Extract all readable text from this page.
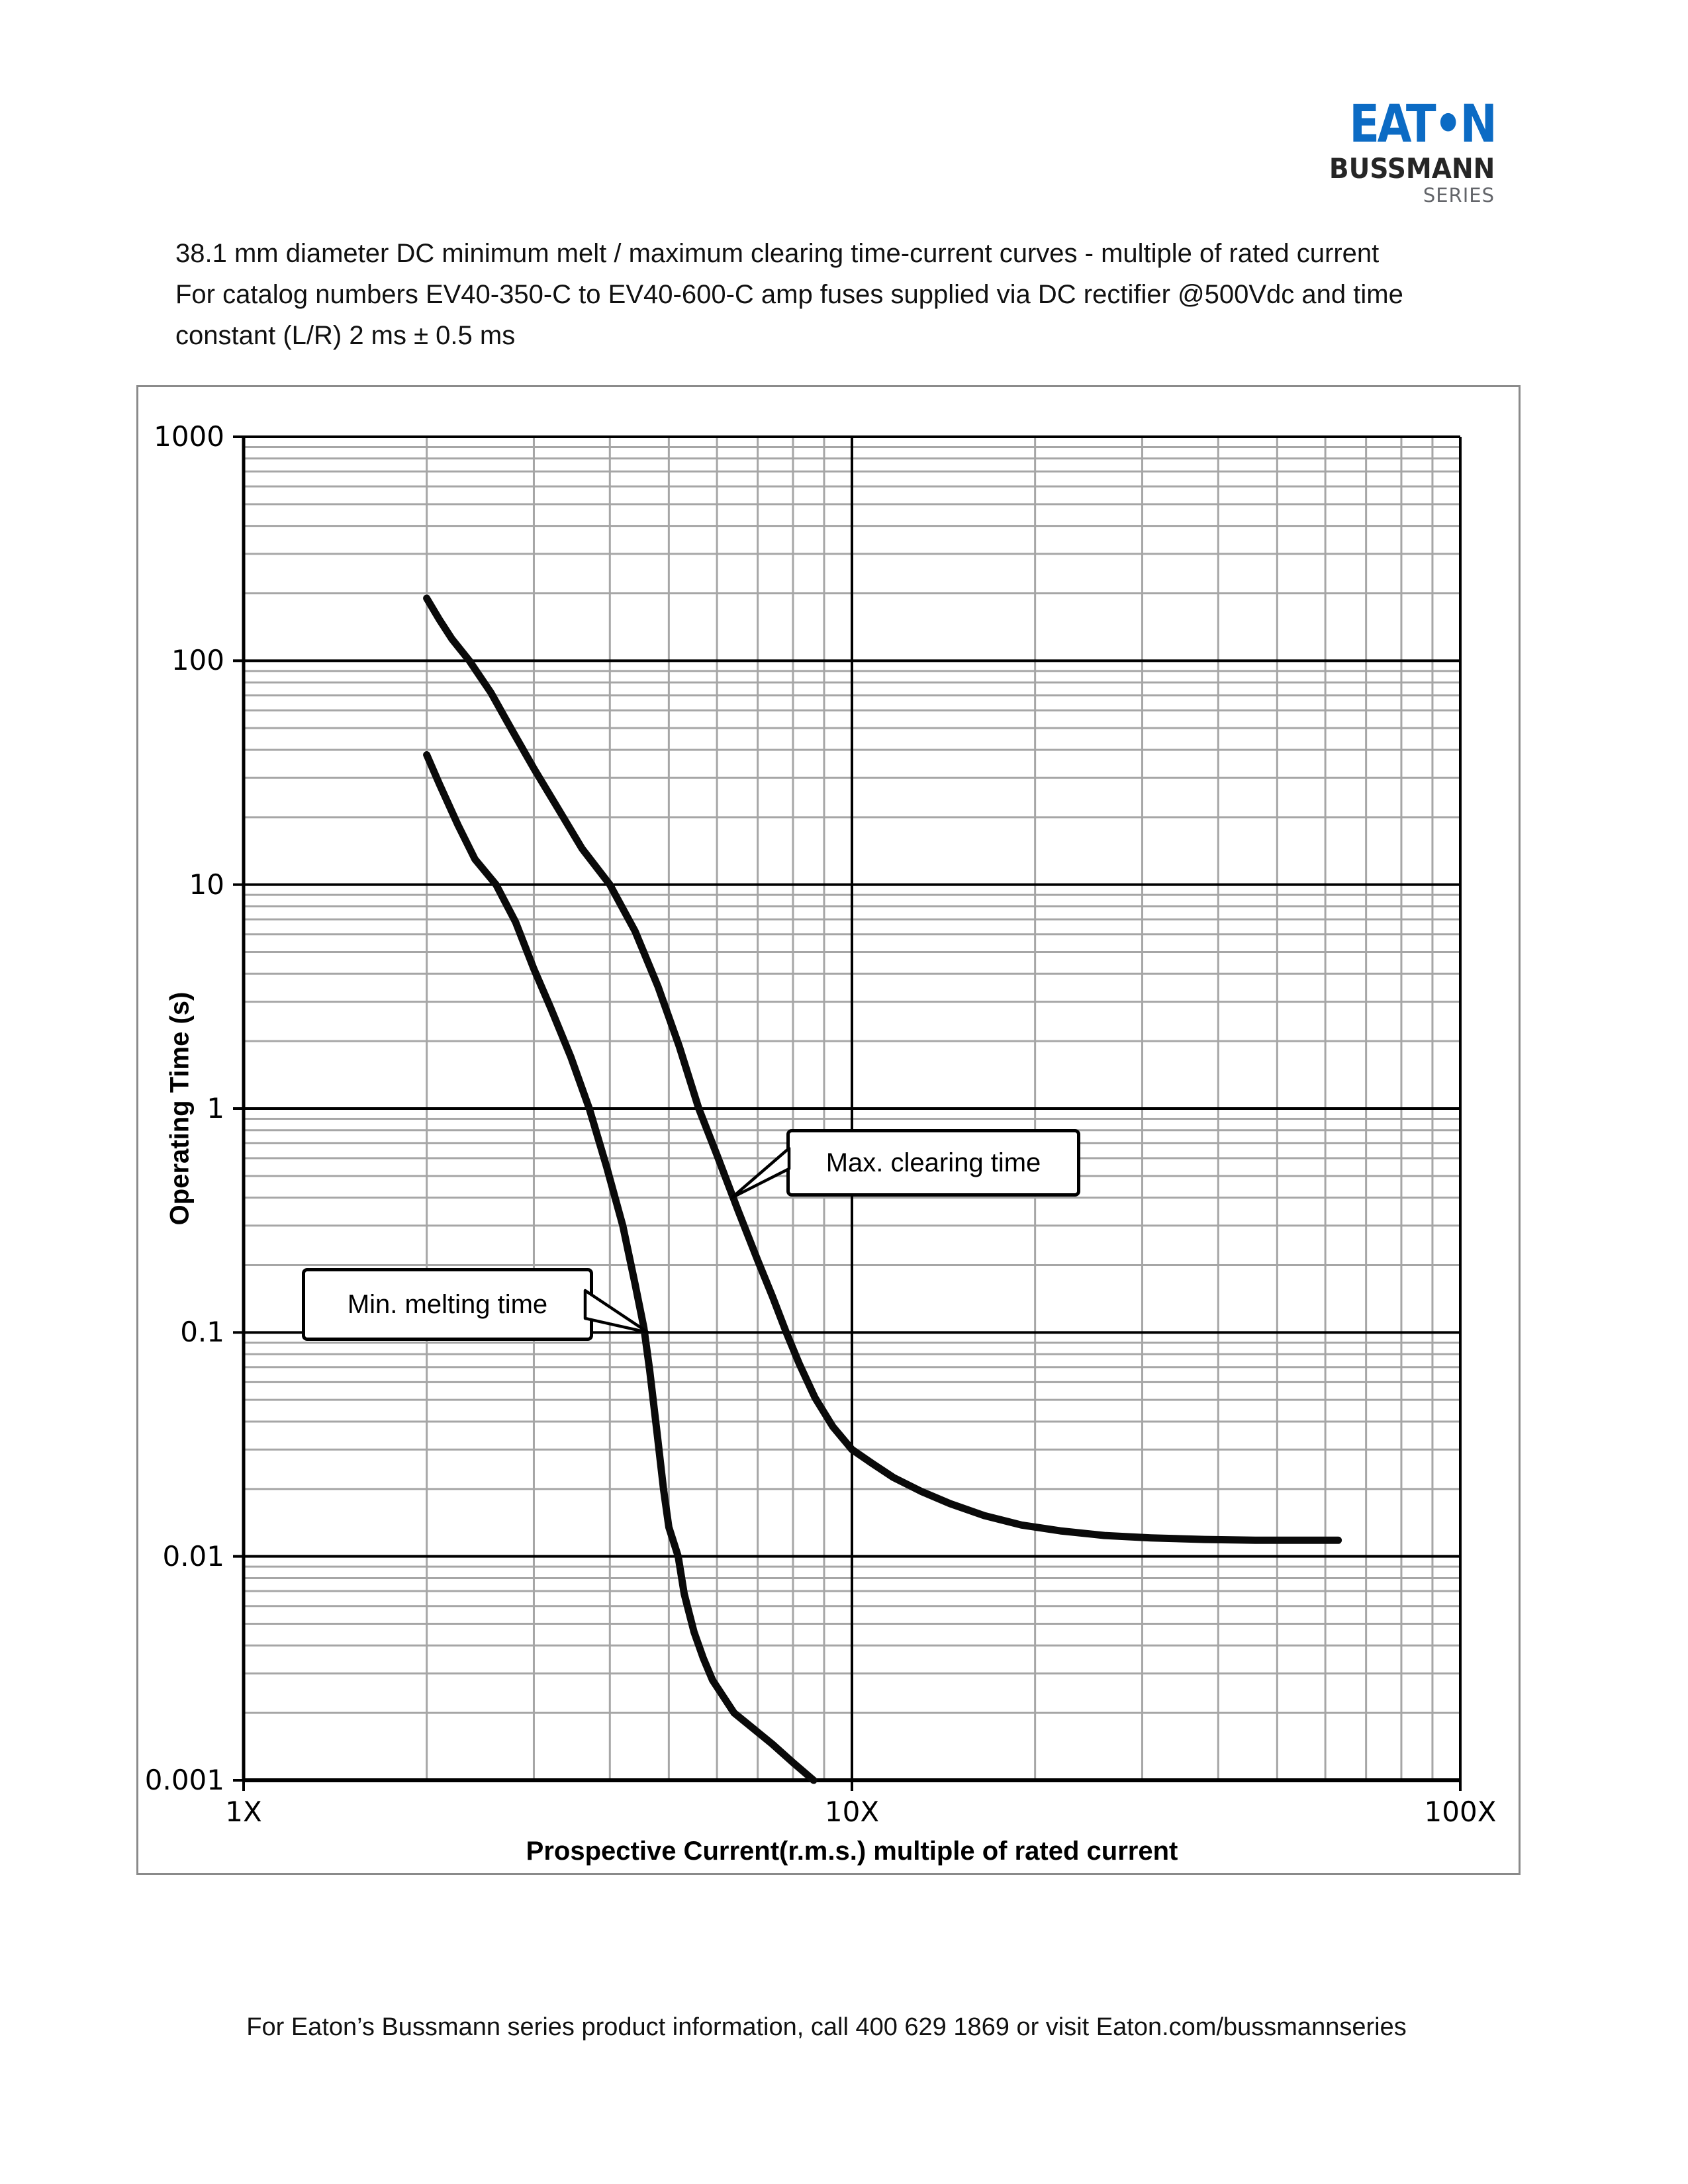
EAT•N
BUSSMANN
SERIES
38.1 mm diameter DC minimum melt / maximum clearing time-current curves - multiple of rated current
For catalog numbers EV40-350-C to EV40-600-C amp fuses supplied via DC rectifier @500Vdc and time
constant (L/R) 2 ms ± 0.5 ms
Operating Time (s)
Prospective Current(r.m.s.) multiple of rated current
Max. clearing time
Min. melting time
1000
100
10
1
0.1
0.01
0.001
1X	10X	100X
For Eaton’s Bussmann series product information, call 400 629 1869 or visit Eaton.com/bussmannseries
